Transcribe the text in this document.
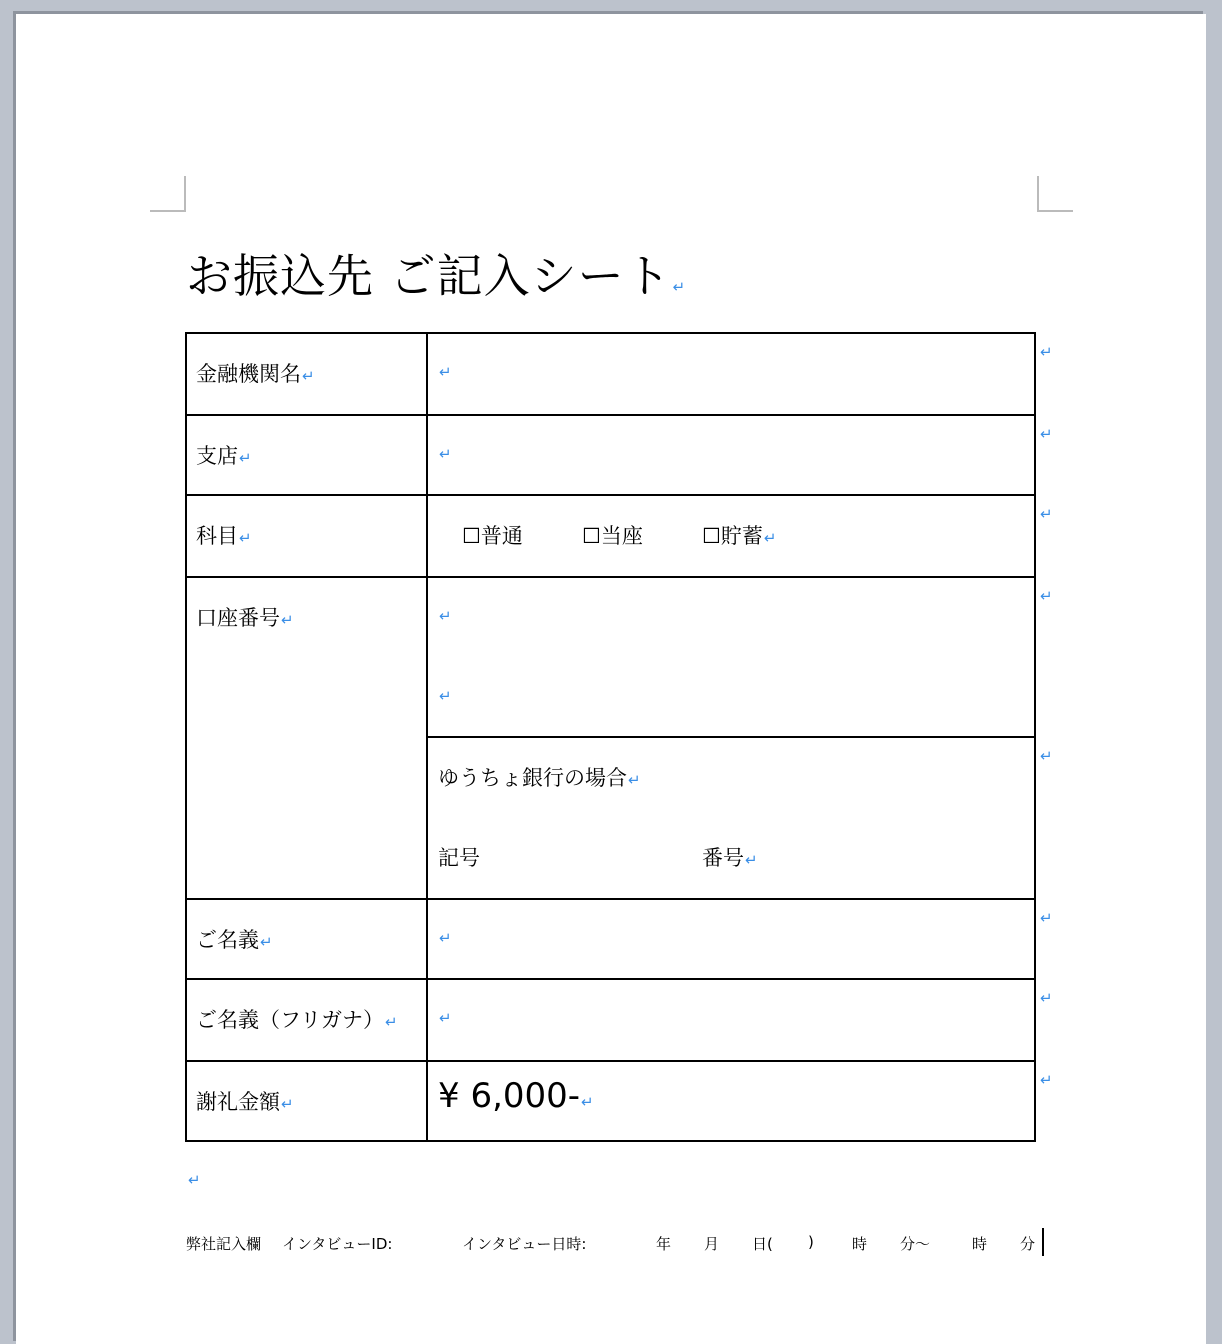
お振込先 ご記入シート↵
金融機関名↵	↵
支店↵	↵
科目↵	☐普通	☐当座	☐貯蓄↵
口座番号↵	↵
↵
ゆうちょ銀行の場合↵
記号	番号↵
ご名義↵	↵
ご名義（フリガナ）↵	↵
謝礼金額↵	¥ 6,000-↵
↵
↵
↵
↵
↵
↵
↵
↵
↵
弊社記入欄 インタビューID:	インタビュー日時:	年 月 日( )	時 分～	時 分
